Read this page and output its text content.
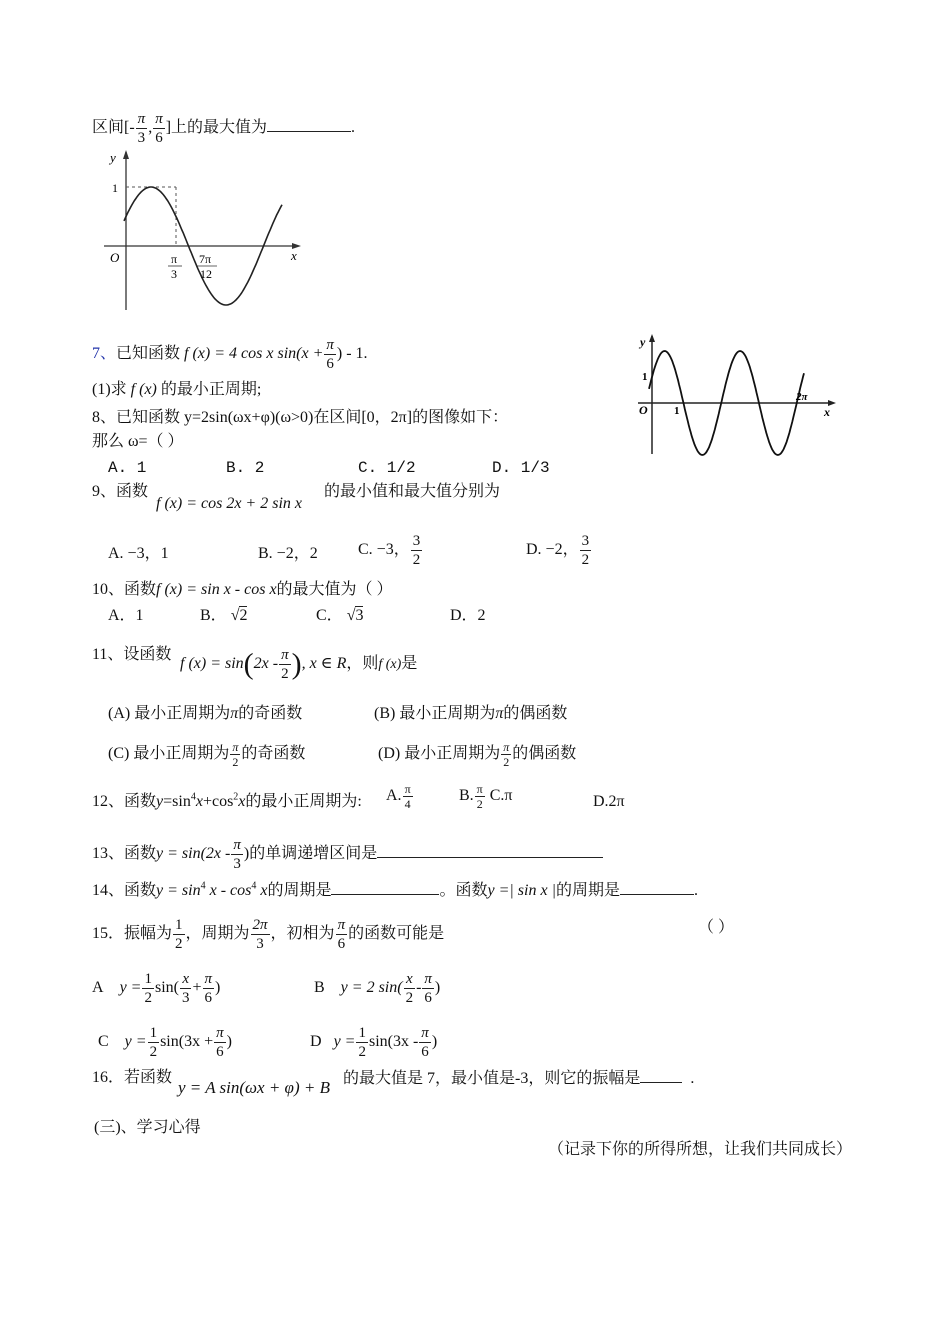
区间[- $\frac{\pi}{3}$ , $\frac{\pi}{6}$ ]上的最大值为	.
y
x
O
1
π
3
7π
12
7、已知函数 f (x) = 4 cos x $\sin(x + \frac{\pi}{6}$ ) - 1.
(1)求 f (x) 的最小正周期;
y
x
O
1
1
2π
8、已知函数 y=2sin(ωx+φ)(ω>0)在区间[0，2π]的图像如下：
那么 ω=（ ）
A. 1	B. 2	C. 1/2	D. 1/3
9、函数
f (x) = cos 2x + 2 sin x
的最小值和最大值分别为
A. −3，1	B. −2，2	C. −3， $\frac{3}{2}$	D. −2， $\frac{3}{2}$
10、函数f (x) = sin x - cos x的最大值为（ ）
A．1	B． √2	C． √3	D．2
11、设函数
f $(x) = \sin(2x - \frac{\pi}{2}$ ), x ∈ R，则f (x)是
(A) 最小正周期为π的奇函数	(B) 最小正周期为π的偶函数
(C) 最小正周期为 $\frac{\pi}{2}$ 的奇函数	(D) 最小正周期为 $\frac{\pi}{2}$ 的偶函数
12、函数$y=\sin^4x+\cos^2x$的最小正周期为: A. $\frac{\pi}{4}$	B. $\frac{\pi}{2} C.\pi$	D.2π
13、函数$y = \sin(2x - \frac{\pi}{3}$ )的单调递增区间是
14、函数$y = \sin^4 x - \cos^4 x$的周期是	。函数y =| sin x |的周期是	.
15．振幅为 $\frac{1}{2}$ ，周期为 $\frac{2\pi}{3}$ ，初相为 $\frac{\pi}{6}$ 的函数可能是	（ ）
A $y = \frac{1}{2} \sin( \frac{x}{3} + \frac{\pi}{6}$ )	B y = 2 $\sin( \frac{x}{2} - \frac{\pi}{6}$ )
C $y = \frac{1}{2} \sin(3x + \frac{\pi}{6}$ )	D $y = \frac{1}{2} \sin(3x - \frac{\pi}{6}$ )
16．若函数
y = A sin(ωx + φ) + B 的最大值是 7，最小值是-3，则它的振幅是	.
(三)、学习心得
（记录下你的所得所想，让我们共同成长）
